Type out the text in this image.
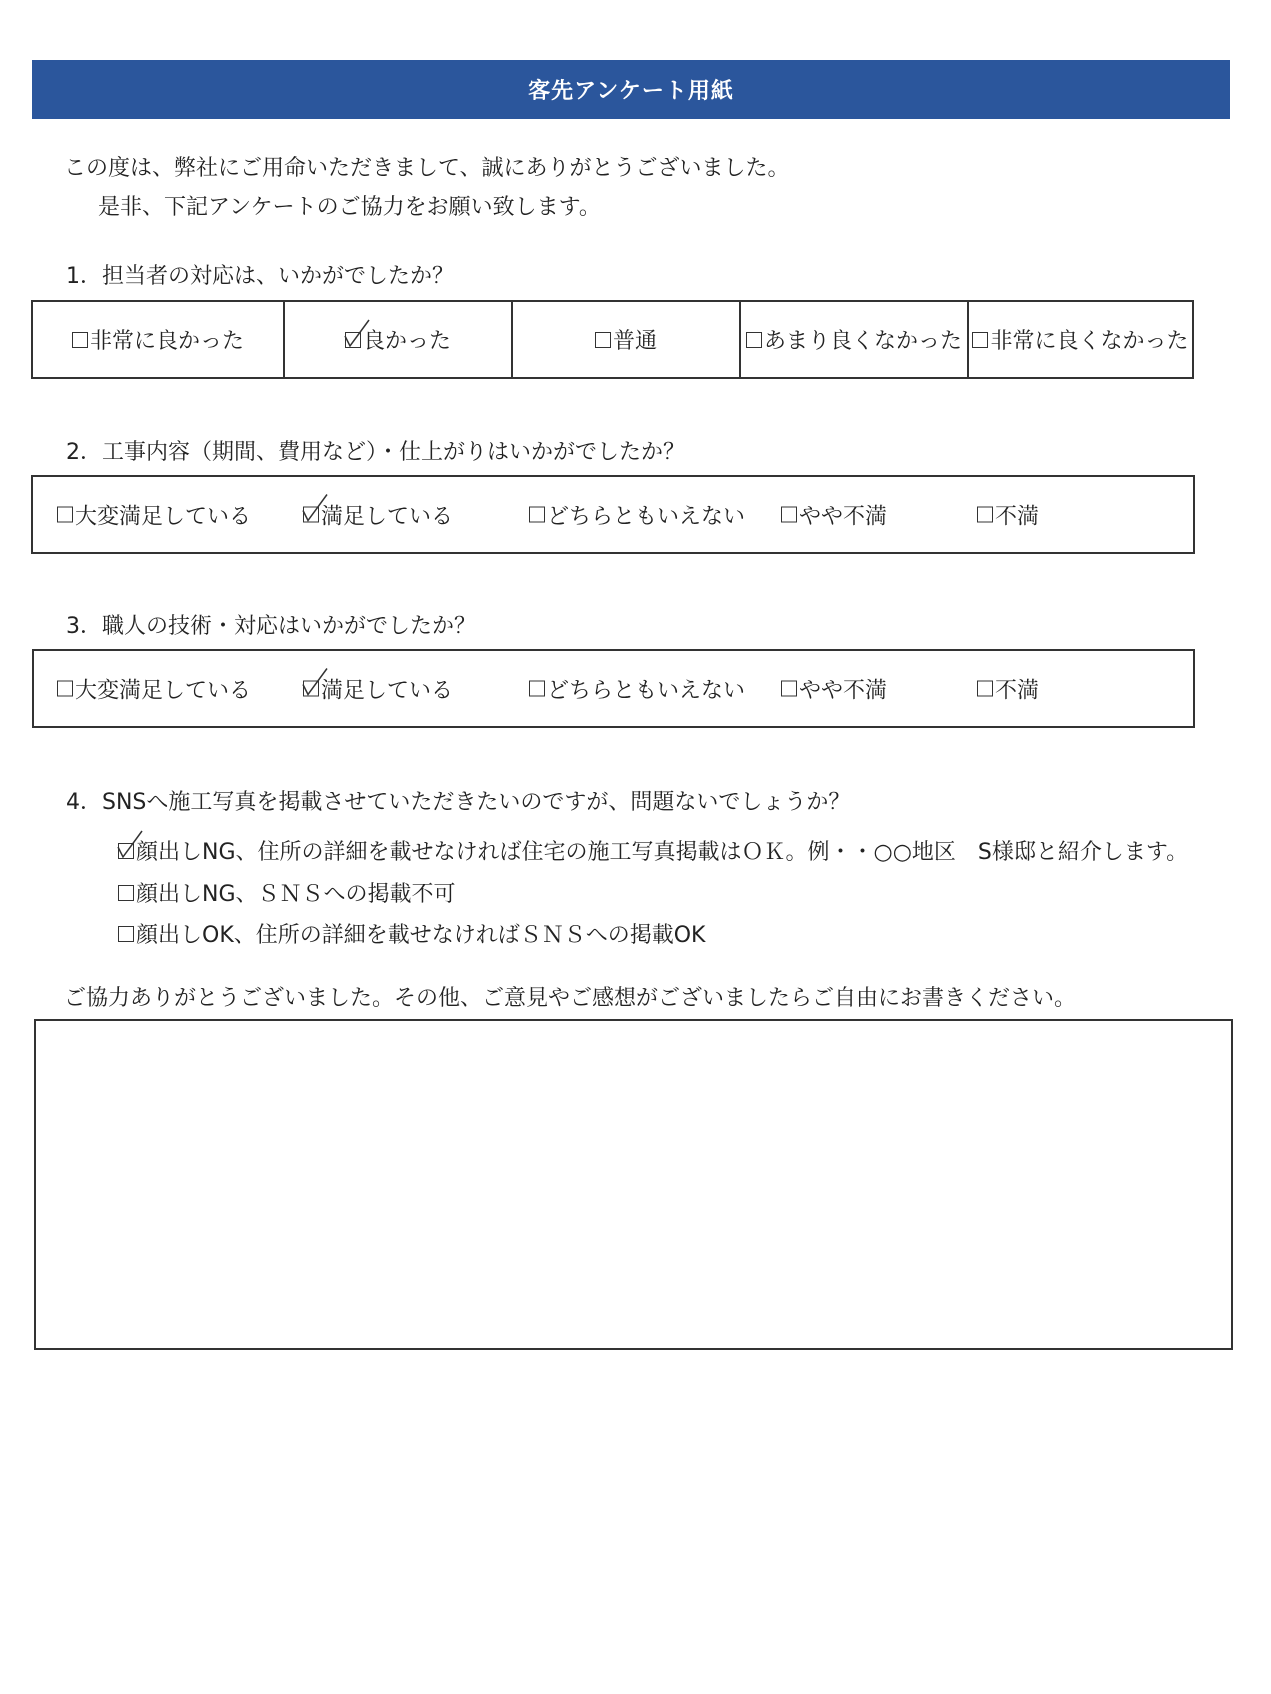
客先アンケート用紙
この度は、弊社にご用命いただきまして、誠にありがとうございました。
是非、下記アンケートのご協力をお願い致します。
1．担当者の対応は、いかがでしたか？
非常に良かった	良かった	普通	あまり良くなかった 非常に良くなかった
2．工事内容（期間、費用など）・仕上がりはいかがでしたか？
大変満足している	満足している	どちらともいえない やや不満	不満
3．職人の技術・対応はいかがでしたか？
大変満足している	満足している	どちらともいえない やや不満	不満
4．SNSへ施工写真を掲載させていただきたいのですが、問題ないでしょうか？
顔出しNG、住所の詳細を載せなければ住宅の施工写真掲載はＯＫ。例・・○○地区　S様邸と紹介します。
顔出しNG、ＳＮＳへの掲載不可
顔出しOK、住所の詳細を載せなければＳＮＳへの掲載OK
ご協力ありがとうございました。その他、ご意見やご感想がございましたらご自由にお書きください。
